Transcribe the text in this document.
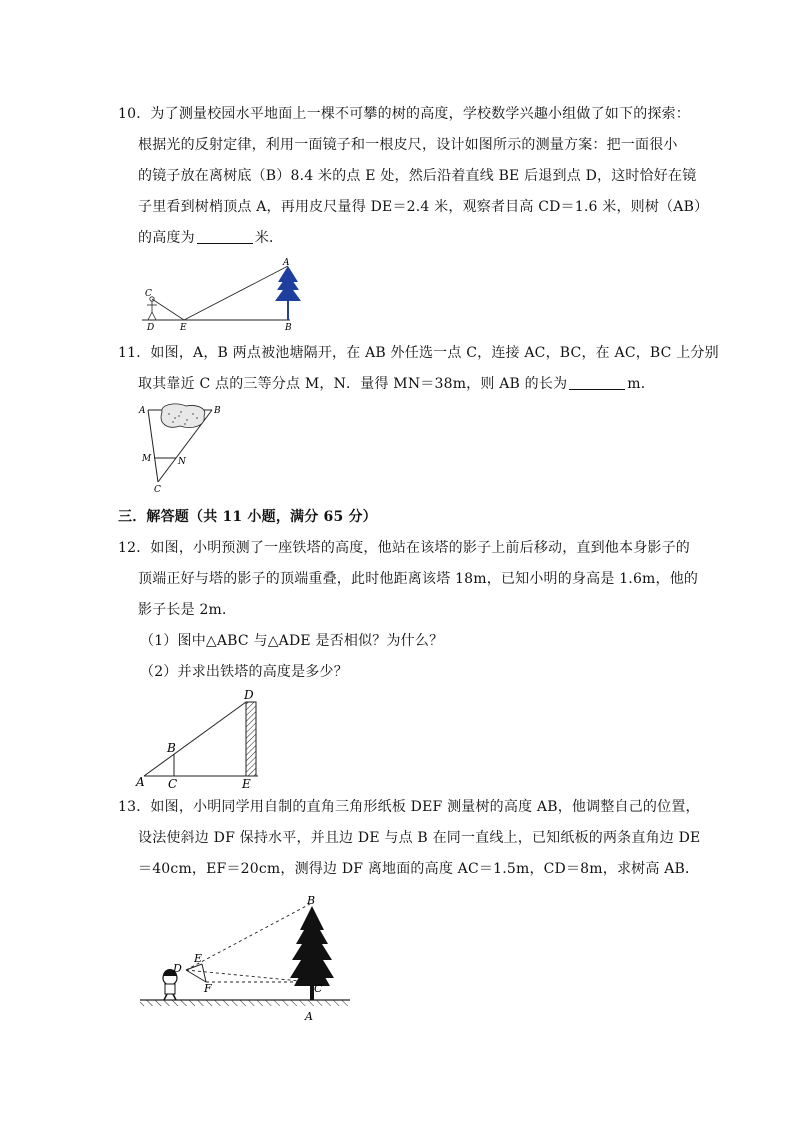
10．为了测量校园水平地面上一棵不可攀的树的高度，学校数学兴趣小组做了如下的探索：
根据光的反射定律，利用一面镜子和一根皮尺，设计如图所示的测量方案：把一面很小
的镜子放在离树底（B）8.4 米的点 E 处，然后沿着直线 BE 后退到点 D，这时恰好在镜
子里看到树梢顶点 A，再用皮尺量得 DE＝2.4 米，观察者目高 CD＝1.6 米，则树（AB）
的高度为	米．
A
B
C
D	E
11．如图，A，B 两点被池塘隔开，在 AB 外任选一点 C，连接 AC，BC，在 AC，BC 上分别
取其靠近 C 点的三等分点 M，N．量得 MN＝38m，则 AB 的长为	m．
A	B
C
M	N
三．解答题（共 11 小题，满分 65 分）
12．如图，小明预测了一座铁塔的高度，他站在该塔的影子上前后移动，直到他本身影子的
顶端正好与塔的影子的顶端重叠，此时他距离该塔 18m，已知小明的身高是 1.6m，他的
影子长是 2m．
（1）图中△ABC 与△ADE 是否相似？为什么？
（2）并求出铁塔的高度是多少？
A
B
C
D
E
13．如图，小明同学用自制的直角三角形纸板 DEF 测量树的高度 AB，他调整自己的位置，
设法使斜边 DF 保持水平，并且边 DE 与点 B 在同一直线上，已知纸板的两条直角边 DE
＝40cm，EF＝20cm，测得边 DF 离地面的高度 AC＝1.5m，CD＝8m，求树高 AB．
B
E
D
F	C
A
